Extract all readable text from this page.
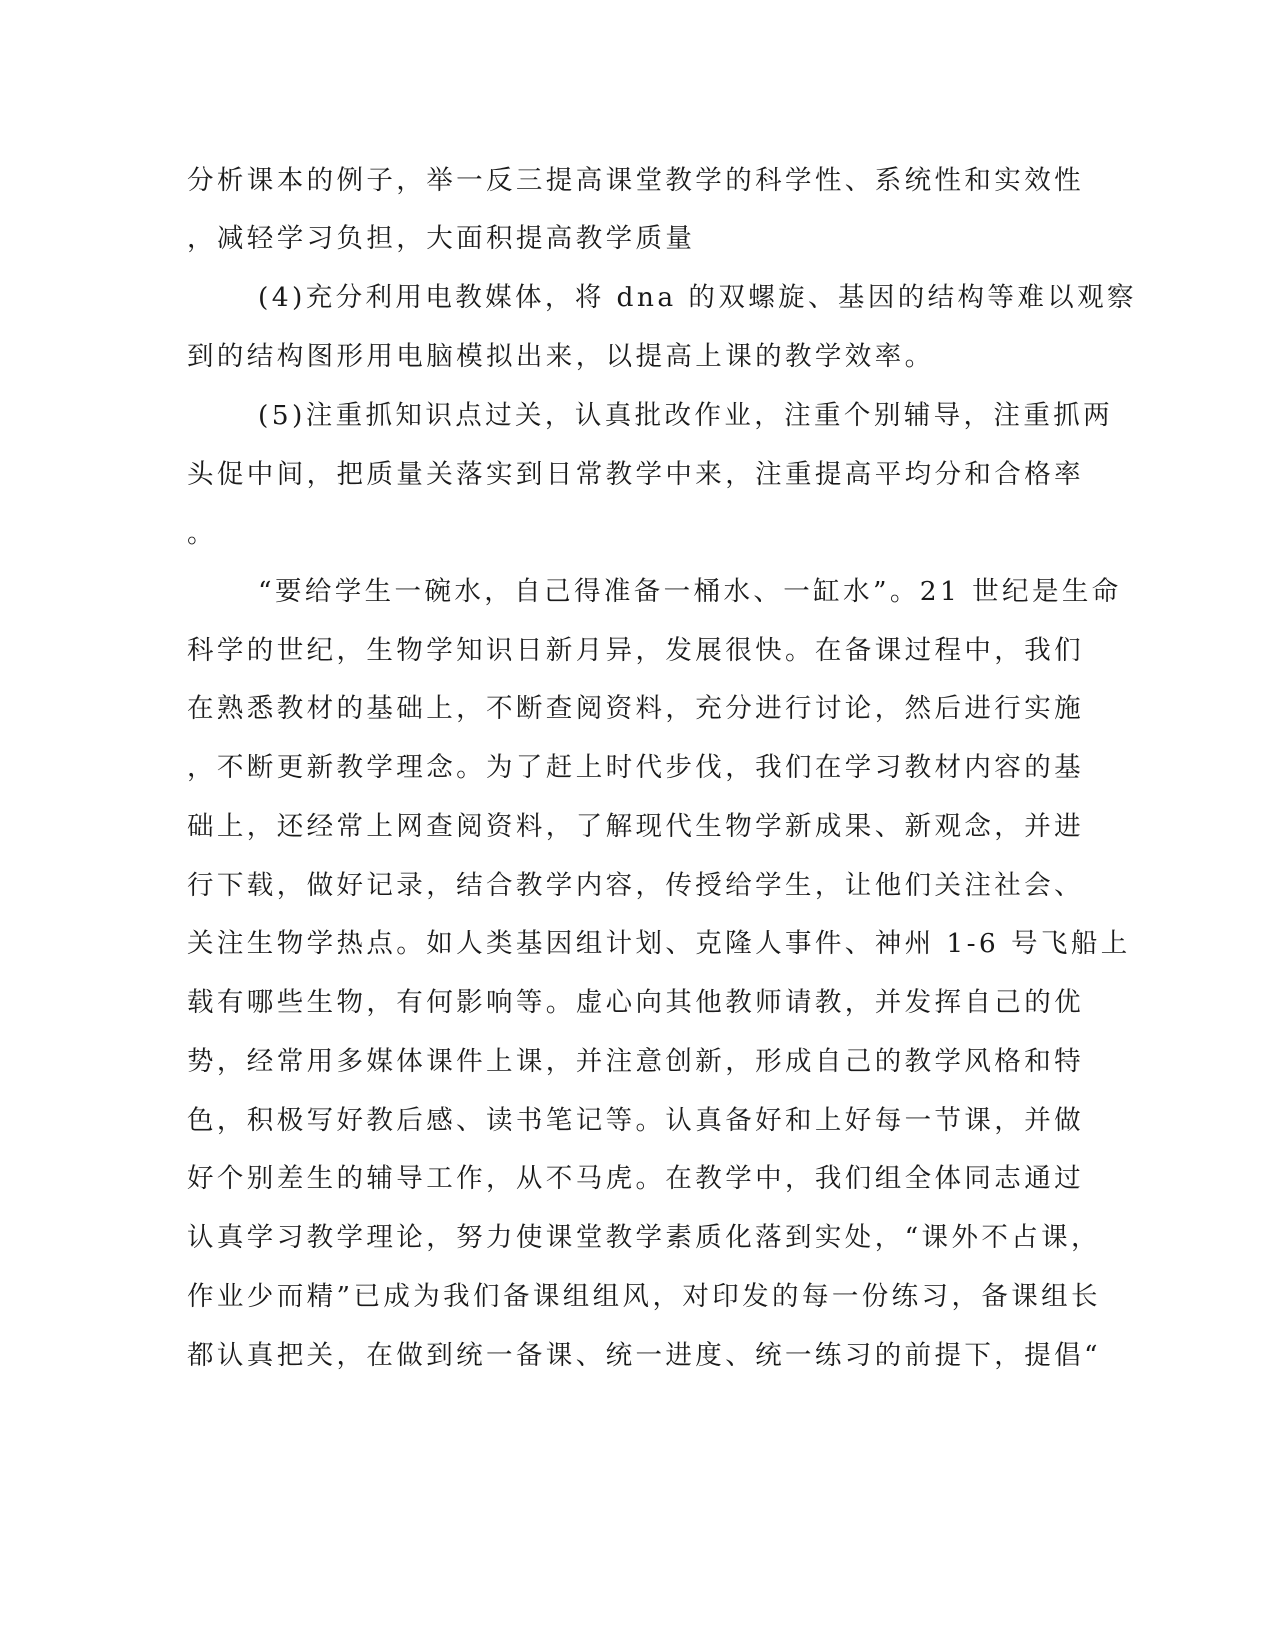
分析课本的例子，举一反三提高课堂教学的科学性、系统性和实效性
，减轻学习负担，大面积提高教学质量
(4)充分利用电教媒体，将 dna 的双螺旋、基因的结构等难以观察
到的结构图形用电脑模拟出来，以提高上课的教学效率。
(5)注重抓知识点过关，认真批改作业，注重个别辅导，注重抓两
头促中间，把质量关落实到日常教学中来，注重提高平均分和合格率
。
“要给学生一碗水，自己得准备一桶水、一缸水”。21 世纪是生命
科学的世纪，生物学知识日新月异，发展很快。在备课过程中，我们
在熟悉教材的基础上，不断查阅资料，充分进行讨论，然后进行实施
，不断更新教学理念。为了赶上时代步伐，我们在学习教材内容的基
础上，还经常上网查阅资料，了解现代生物学新成果、新观念，并进
行下载，做好记录，结合教学内容，传授给学生，让他们关注社会、
关注生物学热点。如人类基因组计划、克隆人事件、神州 1-6 号飞船上
载有哪些生物，有何影响等。虚心向其他教师请教，并发挥自己的优
势，经常用多媒体课件上课，并注意创新，形成自己的教学风格和特
色，积极写好教后感、读书笔记等。认真备好和上好每一节课，并做
好个别差生的辅导工作，从不马虎。在教学中，我们组全体同志通过
认真学习教学理论，努力使课堂教学素质化落到实处，“课外不占课，
作业少而精”已成为我们备课组组风，对印发的每一份练习，备课组长
都认真把关，在做到统一备课、统一进度、统一练习的前提下，提倡“
